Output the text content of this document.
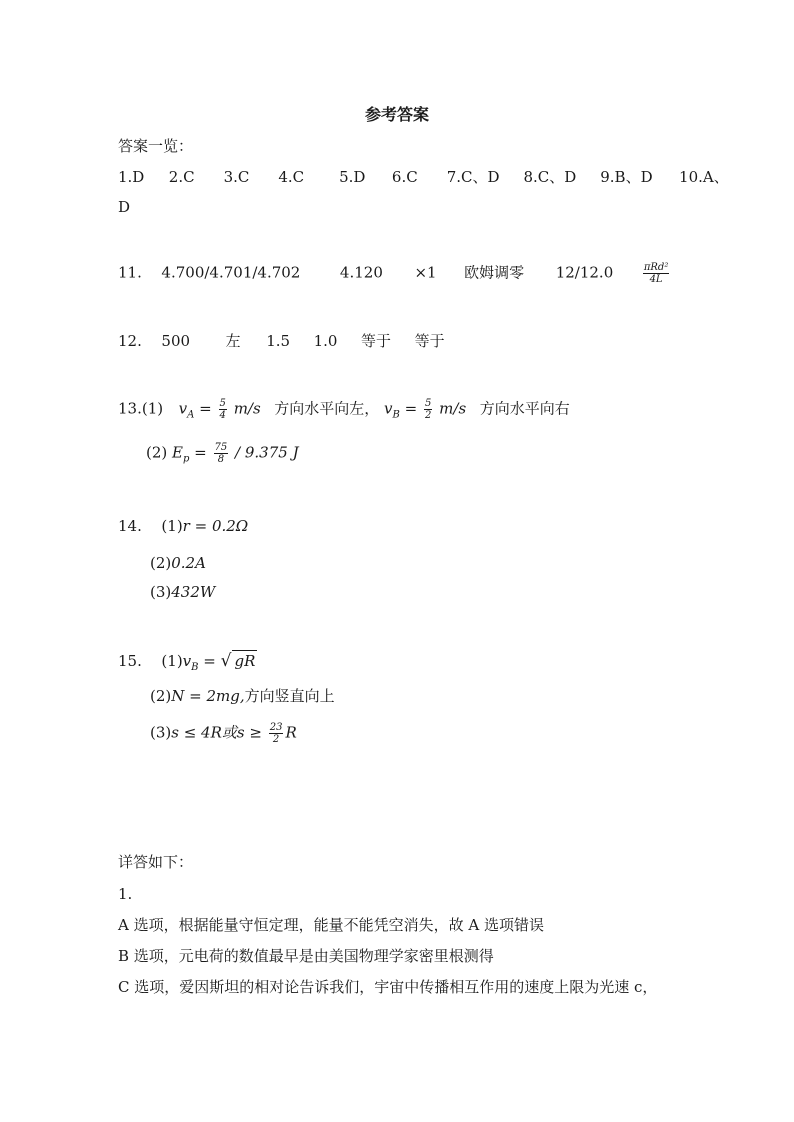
参考答案
答案一览：
1.D 2.C 3.C 4.C 5.D 6.C 7.C、D 8.C、D 9.B、D 10.A、
D
11. 4.700/4.701/4.702	4.120 ×1 欧姆调零 12/12.0	$\frac{\text{πRd²}}{4L}$
12. 500 左 1.5 1.0 等于 等于
13.(1) $v_A = \frac{5}{4} m/s$ 方向水平向左， $v_B = \frac{5}{2} m/s$ 方向水平向右
(2) $E_p = \frac{75}{8} / 9.375$ J
14. (1)r = 0.2Ω
(2)0.2A
(3)432W
15. $(1)v_B$ = √ gR
(2)N = 2mg,方向竖直向上
(3)s ≤ 4R或$s \ge \frac{23}{2}$ R
详答如下：
1.
A 选项，根据能量守恒定理，能量不能凭空消失，故 A 选项错误
B 选项，元电荷的数值最早是由美国物理学家密里根测得
C 选项，爱因斯坦的相对论告诉我们，宇宙中传播相互作用的速度上限为光速 c，
